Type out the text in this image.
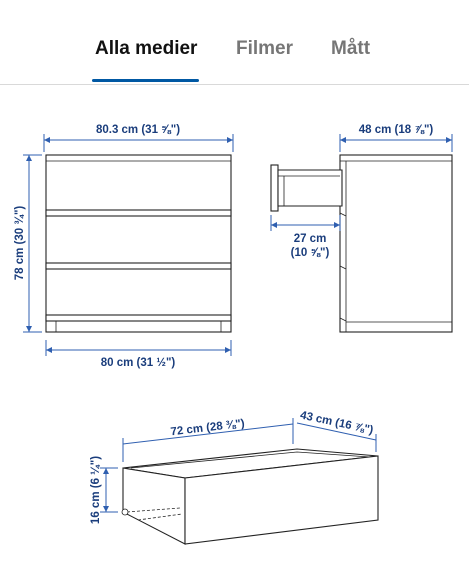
Alla medier Filmer Mått
80.3 cm (31 ⅝")
78 cm (30 ¾")
80 cm (31 ½")
48 cm (18 ⅞")
27 cm
(10 ⅝")
72 cm (28 ⅜")	43 cm (16 ⅞")
16 cm (6 ¼")
